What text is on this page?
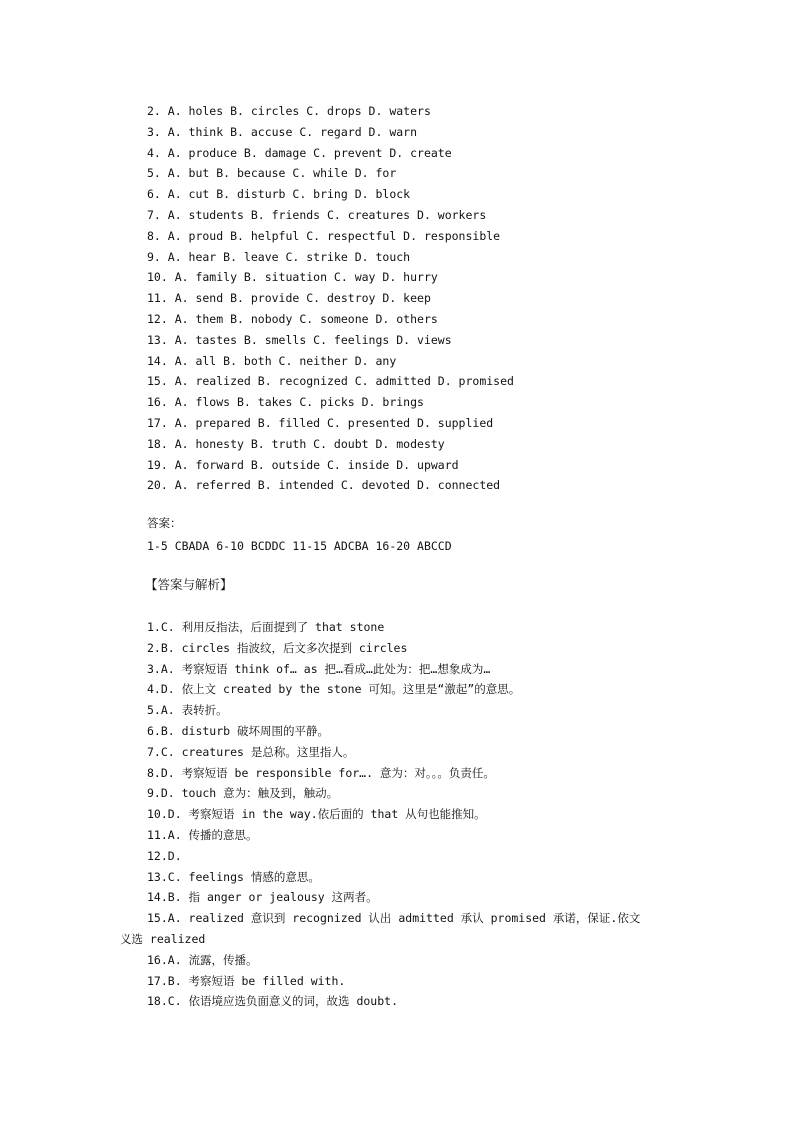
2. A. holes B. circles C. drops D. waters
3. A. think B. accuse C. regard D. warn
4. A. produce B. damage C. prevent D. create
5. A. but B. because C. while D. for
6. A. cut B. disturb C. bring D. block
7. A. students B. friends C. creatures D. workers
8. A. proud B. helpful C. respectful D. responsible
9. A. hear B. leave C. strike D. touch
10. A. family B. situation C. way D. hurry
11. A. send B. provide C. destroy D. keep
12. A. them B. nobody C. someone D. others
13. A. tastes B. smells C. feelings D. views
14. A. all B. both C. neither D. any
15. A. realized B. recognized C. admitted D. promised
16. A. flows B. takes C. picks D. brings
17. A. prepared B. filled C. presented D. supplied
18. A. honesty B. truth C. doubt D. modesty
19. A. forward B. outside C. inside D. upward
20. A. referred B. intended C. devoted D. connected
答案：
1-5 CBADA 6-10 BCDDC 11-15 ADCBA 16-20 ABCCD
【答案与解析】
1.C. 利用反指法，后面提到了 that stone
2.B. circles 指波纹，后文多次提到 circles
3.A. 考察短语 think of… as 把…看成…此处为：把…想象成为…
4.D. 依上文 created by the stone 可知。这里是“激起”的意思。
5.A. 表转折。
6.B. disturb 破坏周围的平静。
7.C. creatures 是总称。这里指人。
8.D. 考察短语 be responsible for…. 意为：对。。。负责任。
9.D. touch 意为：触及到，触动。
10.D. 考察短语 in the way.依后面的 that 从句也能推知。
11.A. 传播的意思。
12.D.
13.C. feelings 情感的意思。
14.B. 指 anger or jealousy 这两者。
15.A. realized 意识到 recognized 认出 admitted 承认 promised 承诺，保证.依文
义选 realized
16.A. 流露，传播。
17.B. 考察短语 be filled with.
18.C. 依语境应选负面意义的词，故选 doubt.
